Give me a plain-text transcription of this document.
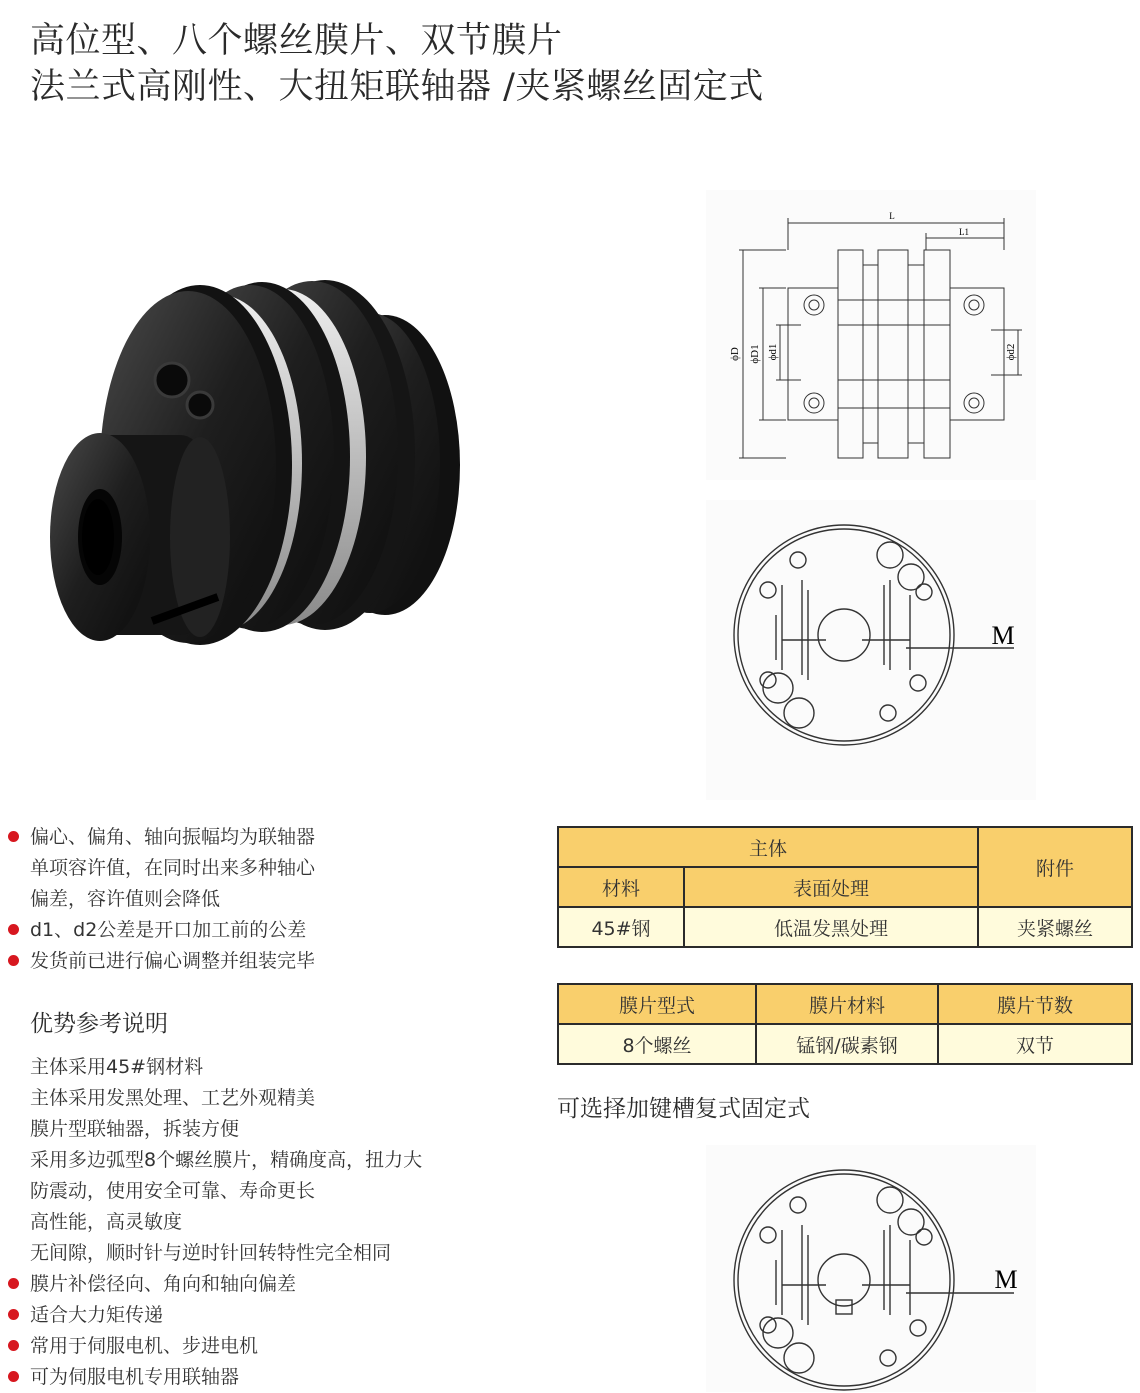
高位型、八个螺丝膜片、双节膜片
法兰式高刚性、大扭矩联轴器 /夹紧螺丝固定式
L
L1
ϕD ϕD1 ϕd1	ϕd2
M
偏心、偏角、轴向振幅均为联轴器
单项容许值，在同时出来多种轴心
偏差，容许值则会降低
d1、d2公差是开口加工前的公差
发货前已进行偏心调整并组装完毕
优势参考说明
主体采用45#钢材料
主体采用发黑处理、工艺外观精美
膜片型联轴器，拆装方便
采用多边弧型8个螺丝膜片，精确度高，扭力大
防震动，使用安全可靠、寿命更长
高性能，高灵敏度
无间隙，顺时针与逆时针回转特性完全相同
膜片补偿径向、角向和轴向偏差
适合大力矩传递
常用于伺服电机、步进电机
可为伺服电机专用联轴器
主体		附件
材料	表面处理	
45#钢	低温发黑处理	夹紧螺丝
膜片型式	膜片材料	膜片节数
8个螺丝	锰钢/碳素钢	双节
可选择加键槽复式固定式
M
